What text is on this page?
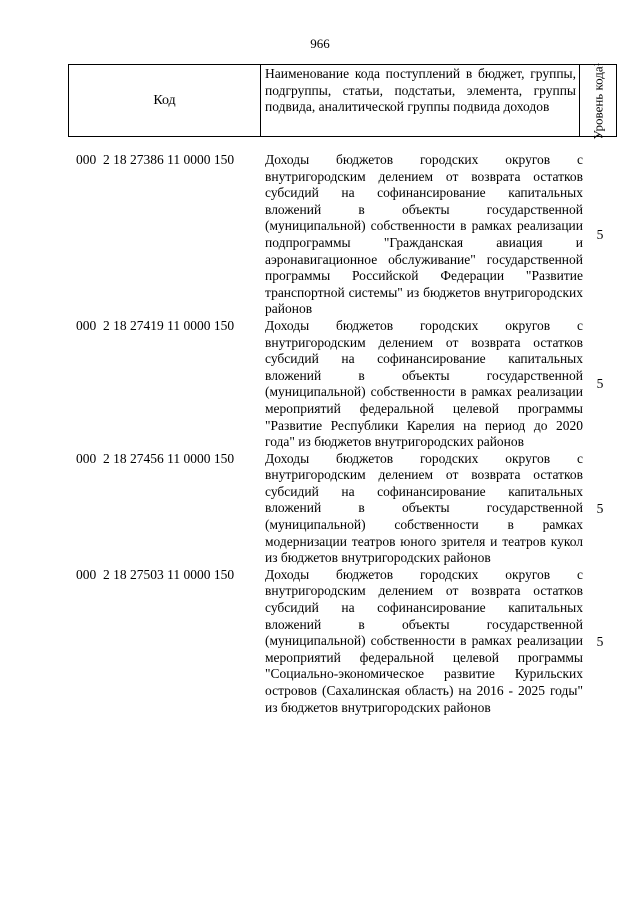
966
Код
Наименование кода поступлений в бюджет, группы, подгруппы, статьи, подстатьи, элемента, группы подвида, аналитической группы подвида доходов	Уровень кода¹
000  2 18 27386 11 0000 150 Доходы бюджетов городских округов с внутригородским делением от возврата остатков субсидий на софинансирование капитальных вложений в объекты государственной (муниципальной) собственности в рамках реализации подпрограммы "Гражданская авиация и аэронавигационное обслуживание" государственной программы Российской Федерации "Развитие транспортной системы" из бюджетов внутригородских районов
5
000  2 18 27419 11 0000 150 Доходы бюджетов городских округов с внутригородским делением от возврата остатков субсидий на софинансирование капитальных вложений в объекты государственной (муниципальной) собственности в рамках реализации мероприятий федеральной целевой программы "Развитие Республики Карелия на период до 2020 года" из бюджетов внутригородских районов
5
000  2 18 27456 11 0000 150 Доходы бюджетов городских округов с внутригородским делением от возврата остатков субсидий на софинансирование капитальных вложений в объекты государственной (муниципальной) собственности в рамках модернизации театров юного зрителя и театров кукол из бюджетов внутригородских районов
5
000  2 18 27503 11 0000 150 Доходы бюджетов городских округов с внутригородским делением от возврата остатков субсидий на софинансирование капитальных вложений в объекты государственной (муниципальной) собственности в рамках реализации мероприятий федеральной целевой программы "Социально-экономическое развитие Курильских островов (Сахалинская область) на 2016 - 2025 годы" из бюджетов внутригородских районов
5
